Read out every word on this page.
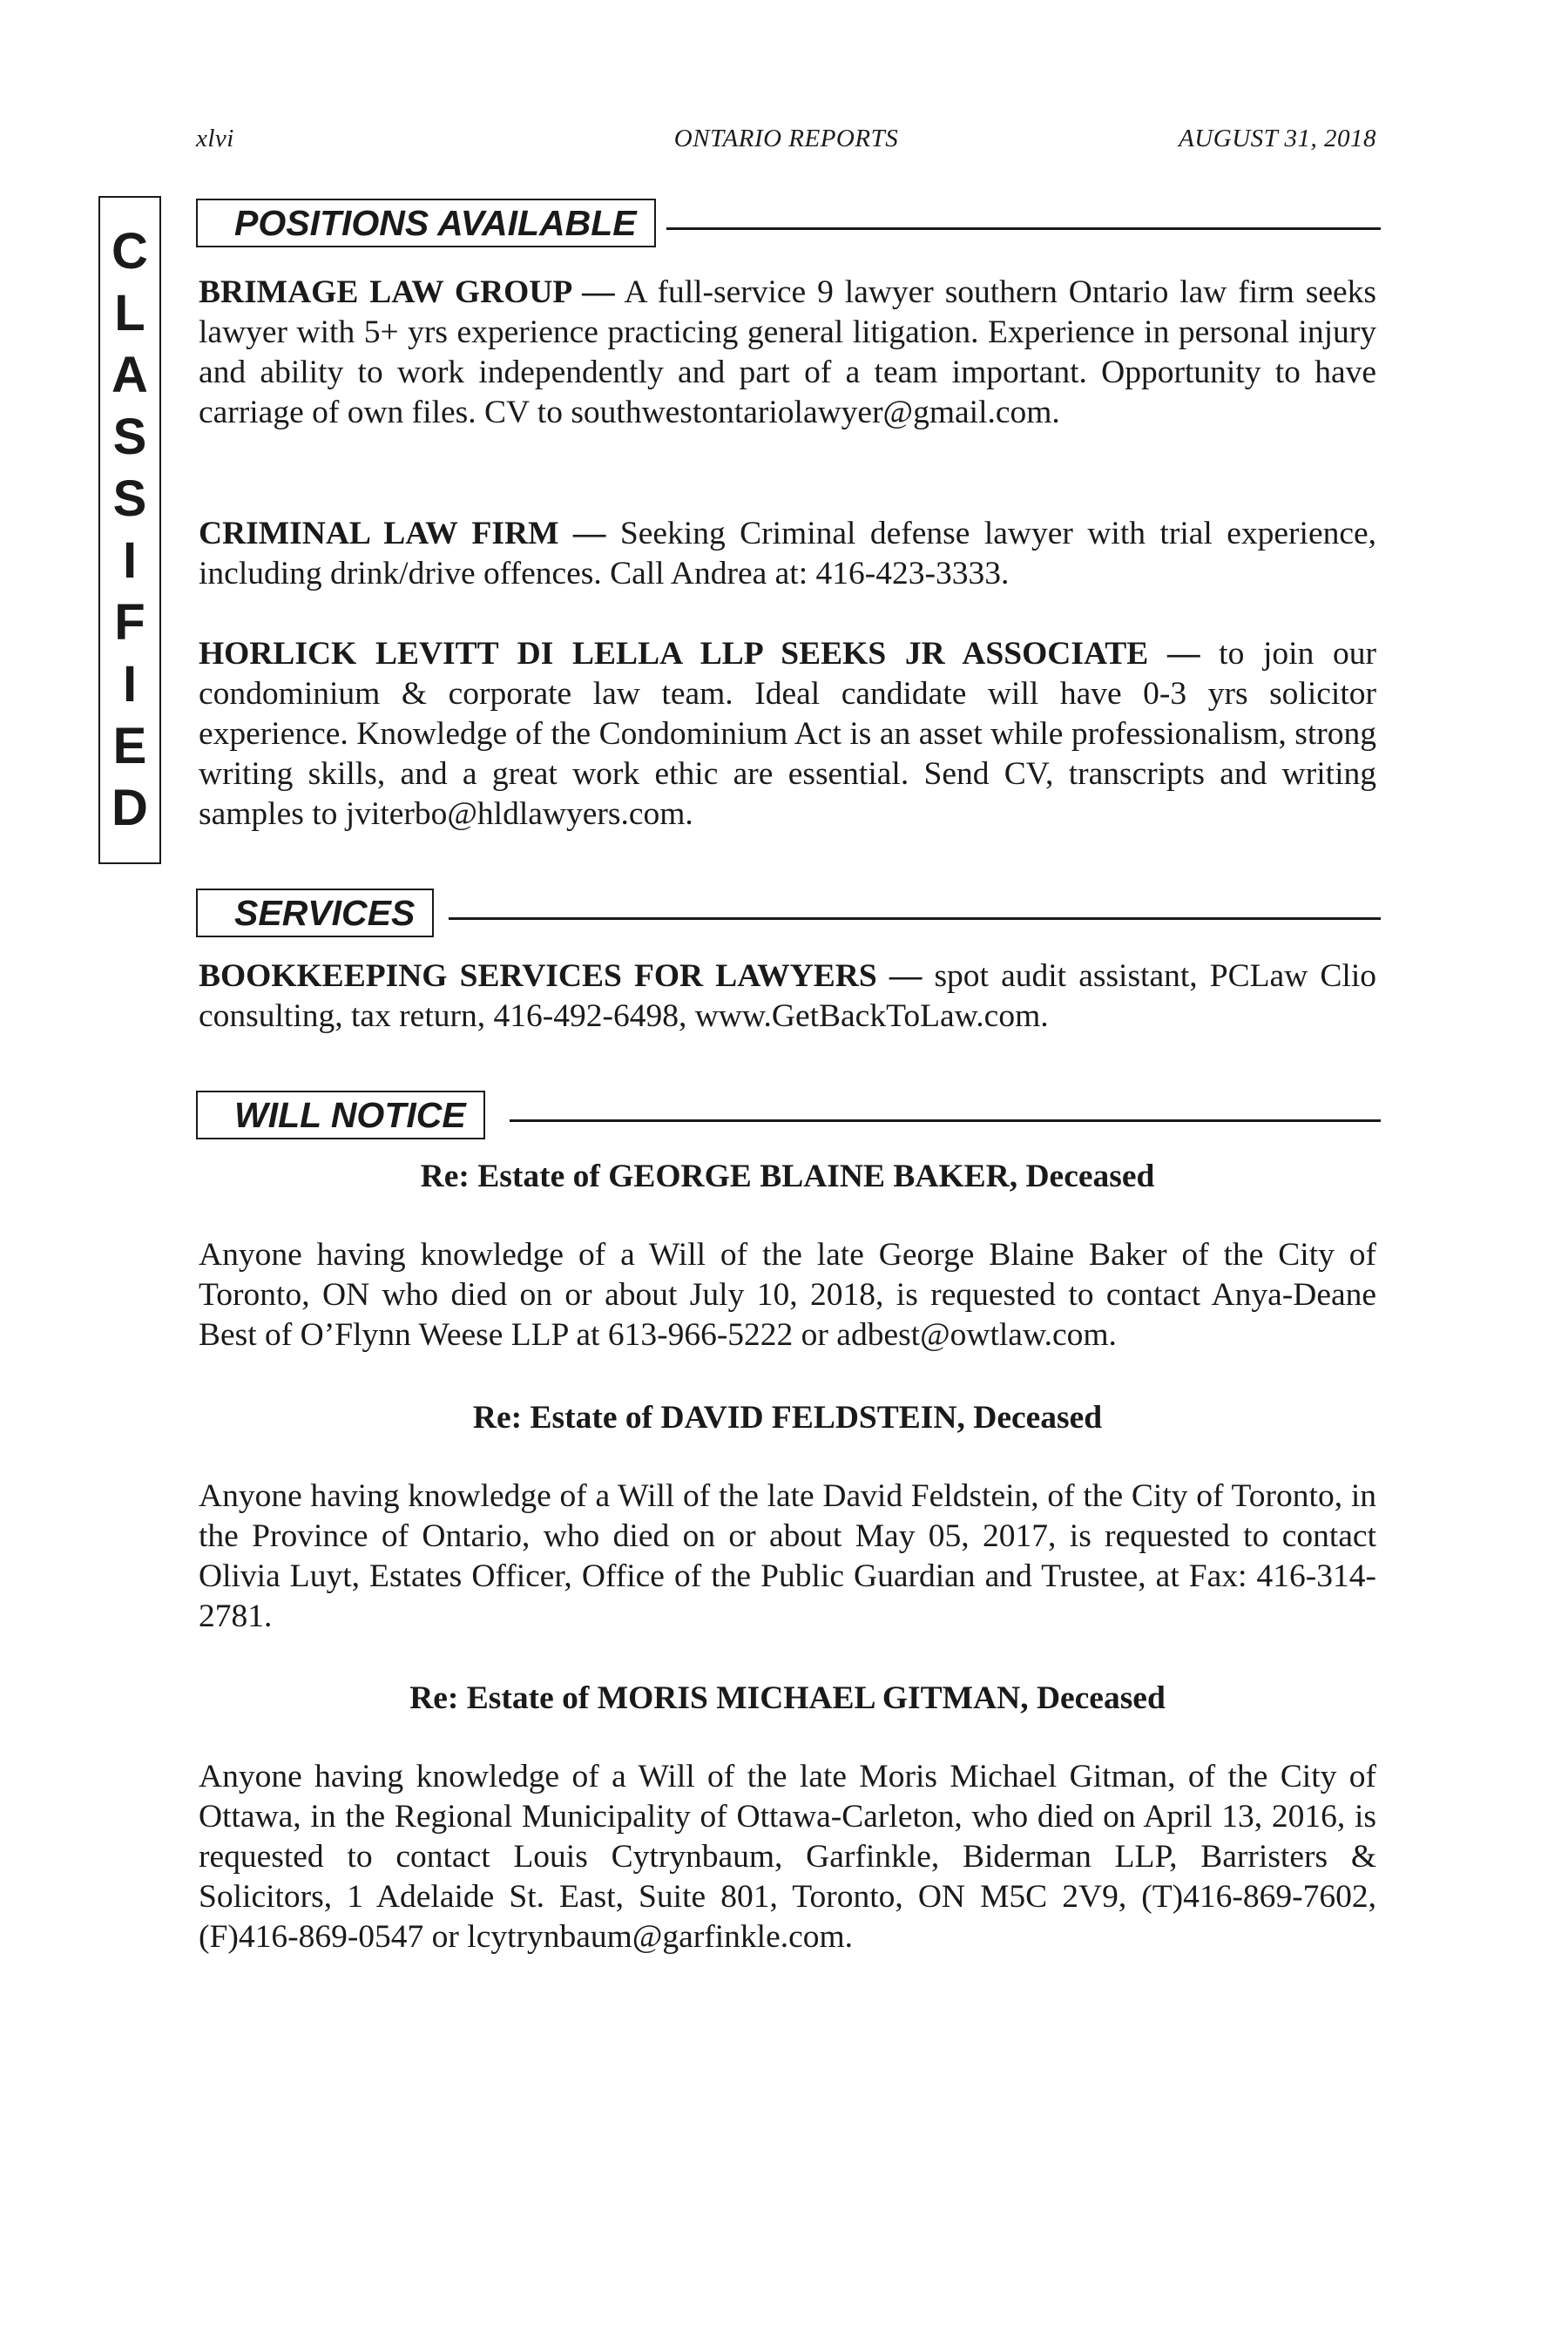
xlvi	ONTARIO REPORTS	AUGUST 31, 2018
C
L
A
S
S
I
F
I
E
D
POSITIONS AVAILABLE
BRIMAGE LAW GROUP — A full-service 9 lawyer southern Ontario law firm seeks lawyer with 5+ yrs experience practicing general litigation. Experience in personal injury and ability to work independently and part of a team important. Opportunity to have carriage of own files. CV to southwestontariolawyer@gmail.com.
CRIMINAL LAW FIRM — Seeking Criminal defense lawyer with trial experience, including drink/drive offences. Call Andrea at: 416-423-3333.
HORLICK LEVITT DI LELLA LLP SEEKS JR ASSOCIATE — to join our condominium & corporate law team. Ideal candidate will have 0-3 yrs solicitor experience. Knowledge of the Condominium Act is an asset while professionalism, strong writing skills, and a great work ethic are essential. Send CV, transcripts and writing samples to jviterbo@hldlawyers.com.
SERVICES
BOOKKEEPING SERVICES FOR LAWYERS — spot audit assistant, PCLaw Clio consulting, tax return, 416-492-6498, www.GetBackToLaw.com.
WILL NOTICE
Re: Estate of GEORGE BLAINE BAKER, Deceased
Anyone having knowledge of a Will of the late George Blaine Baker of the City of Toronto, ON who died on or about July 10, 2018, is requested to contact Anya-Deane Best of O’Flynn Weese LLP at 613-966-5222 or adbest@owtlaw.com.
Re: Estate of DAVID FELDSTEIN, Deceased
Anyone having knowledge of a Will of the late David Feldstein, of the City of Toronto, in the Province of Ontario, who died on or about May 05, 2017, is requested to contact Olivia Luyt, Estates Officer, Office of the Public Guardian and Trustee, at Fax: 416-314-2781.
Re: Estate of MORIS MICHAEL GITMAN, Deceased
Anyone having knowledge of a Will of the late Moris Michael Gitman, of the City of Ottawa, in the Regional Municipality of Ottawa-Carleton, who died on April 13, 2016, is requested to contact Louis Cytrynbaum, Garfinkle, Biderman LLP, Barristers & Solicitors, 1 Adelaide St. East, Suite 801, Toronto, ON M5C 2V9, (T)416-869-7602, (F)416-869-0547 or lcytrynbaum@garfinkle.com.
